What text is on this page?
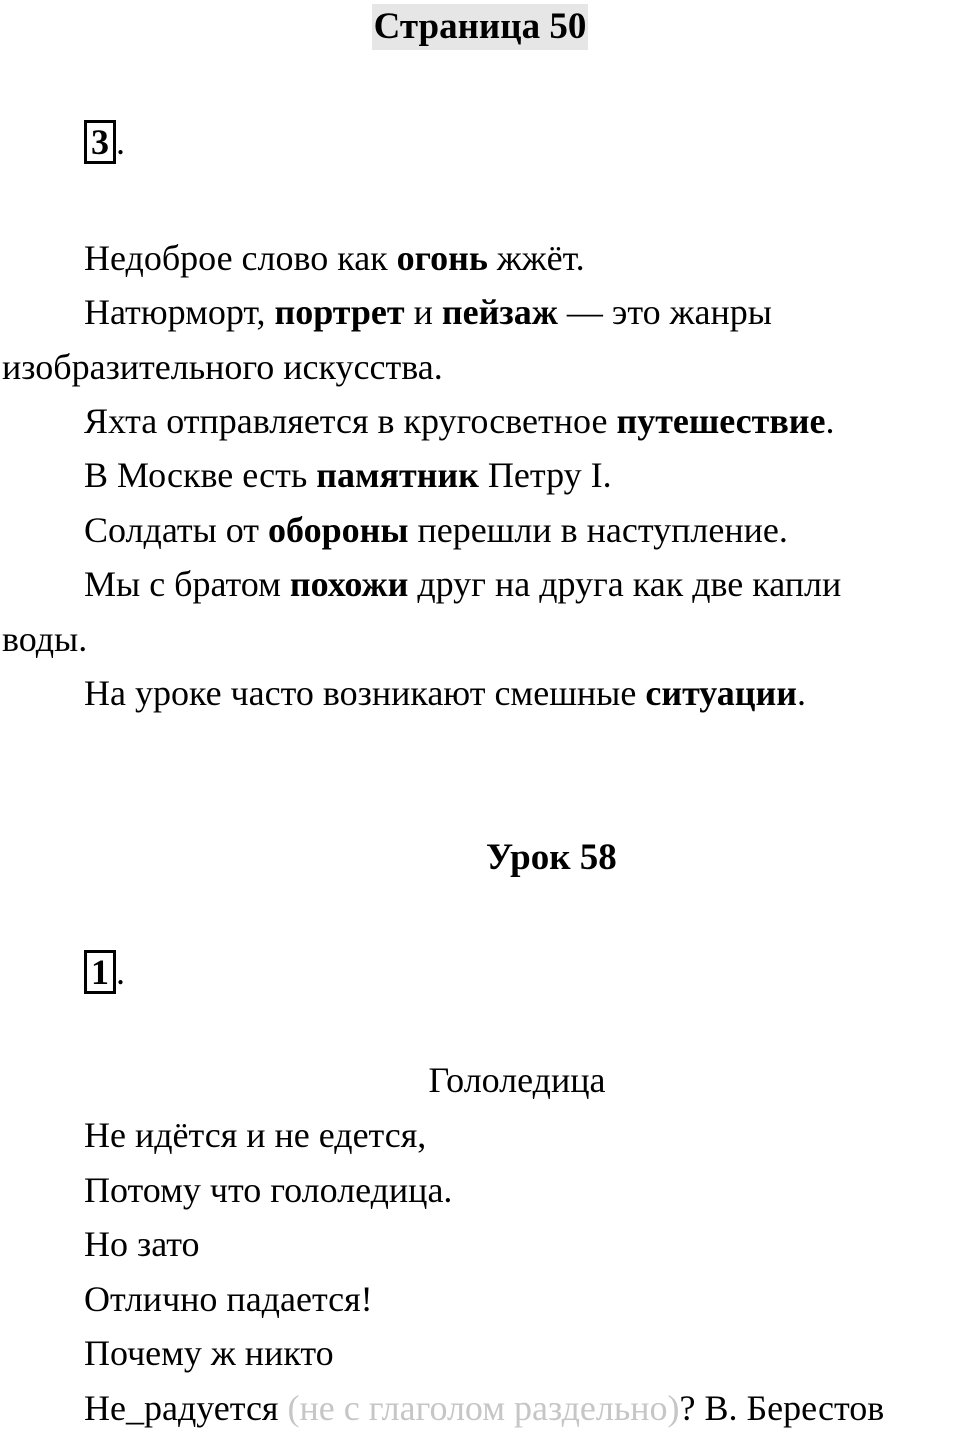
Страница 50
3 .
Недоброе слово как огонь жжёт.
Натюрморт, портрет и пейзаж — это жанры
изобразительного искусства.
Яхта отправляется в кругосветное путешествие.
В Москве есть памятник Петру I.
Солдаты от обороны перешли в наступление.
Мы с братом похожи друг на друга как две капли
воды.
На уроке часто возникают смешные ситуации.
Урок 58
1 .
Гололедица
Не идётся и не едется,
Потому что гололедица.
Но зато
Отлично падается!
Почему ж никто
Не_радуется (не с глаголом раздельно)? В. Берестов
